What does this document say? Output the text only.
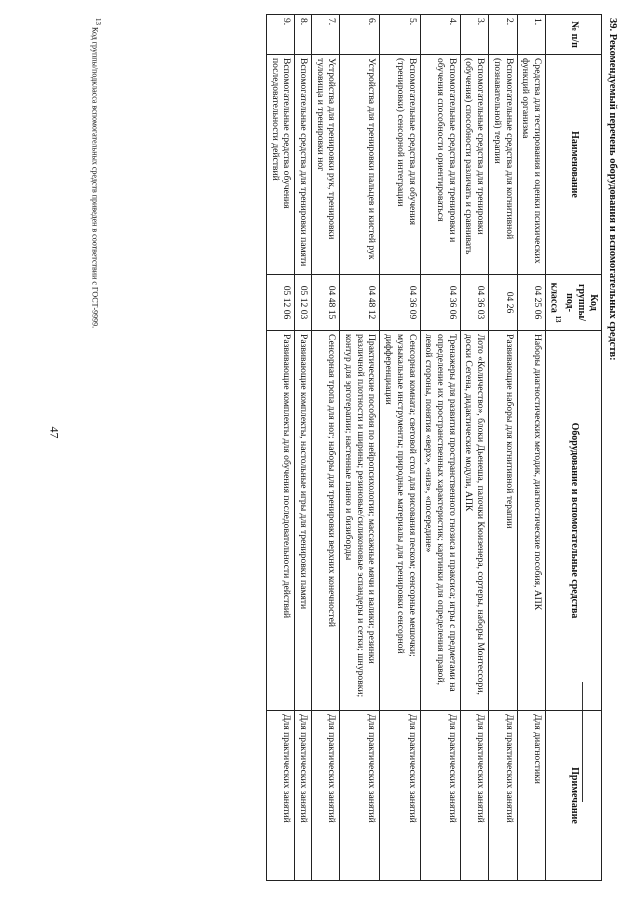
47
39. Рекомендуемый перечень оборудования и вспомогательных средств:
№ п/п	Наименование	Код группы/под-класса $^{13}$	Оборудование и вспомогательные средства	Примечание
1.	Средства для тестирования и оценки психических функций организма	04 25 06	Наборы диагностических методик, диагностические пособия, АПК	Для диагностики
2.	Вспомогательные средства для когнитивной (познавательной) терапии	04 26	Развивающие наборы для когнитивной терапии	Для практических занятий
3.	Вспомогательные средства для тренировки (обучения) способности различать и сравнивать	04 36 03	Лото «Количество», блоки Дьенеша, палочки Кюизенера, сортеры, наборы Монтессори, доски Сегена, дидактические модули, АПК	Для практических занятий
4.	Вспомогательные средства для тренировки и обучения способности ориентироваться	04 36 06	Тренажеры для развития пространственного гнозиса и праксиса; игры с предметами на определение их пространственных характеристик; картинки для определения правой, левой стороны, понятия «верх», «низ», «посередине»	Для практических занятий
5.	Вспомогательные средства для обучения (тренировки) сенсорной интеграции	04 36 09	Сенсорная комната; световой стол для рисования песком; сенсорные мешочки; музыкальные инструменты; природные материалы для тренировки сенсорной дифференциации	Для практических занятий
6.	Устройства для тренировки пальцев и кистей рук	04 48 12	Практические пособия по нейропсихологии; массажные мячи и валики; резинки различной плотности и ширины; резиновые/силиконовые эспандеры и сетки; шнуровки; контур для эрготерапии; настенные панно и бизиборды	Для практических занятий
7.	Устройства для тренировки рук, тренировки туловища и тренировки ног	04 48 15	Сенсорная тропа для ног; наборы для тренировки верхних конечностей	Для практических занятий
8.	Вспомогательные средства для тренировки памяти	05 12 03	Развивающие комплекты, настольные игры для тренировки памяти	Для практических занятий
9.	Вспомогательные средства обучения последовательности действий	05 12 06	Развивающие комплекты для обучения последовательности действий	Для практических занятий
13 Код группы/подкласса вспомогательных средств приведен в соответствии с ГОСТ-9999.
